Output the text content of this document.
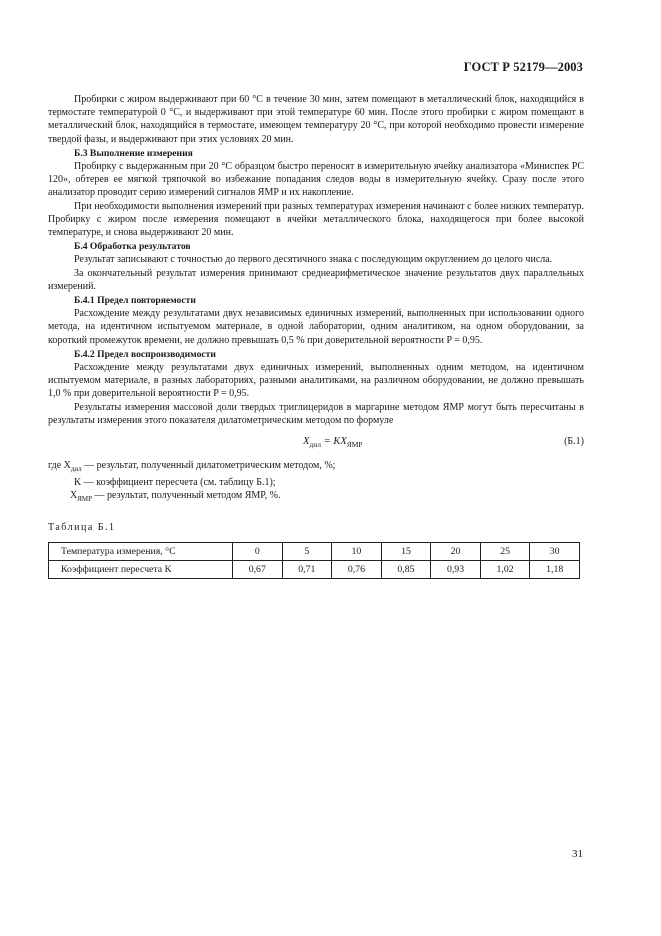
ГОСТ Р 52179—2003

Пробирки с жиром выдерживают при 60 °С в течение 30 мин, затем помещают в металлический блок, находящийся в термостате температурой 0 °С, и выдерживают при этой температуре 60 мин. После этого пробирки с жиром помещают в металлический блок, находящийся в термостате, имеющем температуру 20 °С, при которой необходимо провести измерение твердой фазы, и выдерживают при этих условиях 20 мин.

Б.3 Выполнение измерения

Пробирку с выдержанным при 20 °С образцом быстро переносят в измерительную ячейку анализатора «Миниспек PC 120», обтерев ее мягкой тряпочкой во избежание попадания следов воды в измерительную ячейку. Сразу после этого анализатор проводит серию измерений сигналов ЯМР и их накопление.

При необходимости выполнения измерений при разных температурах измерения начинают с более низких температур. Пробирку с жиром после измерения помещают в ячейки металлического блока, находящегося при более высокой температуре, и снова выдерживают 20 мин.

Б.4 Обработка результатов

Результат записывают с точностью до первого десятичного знака с последующим округлением до целого числа.

За окончательный результат измерения принимают среднеарифметическое значение результатов двух параллельных измерений.

Б.4.1 Предел повторяемости

Расхождение между результатами двух независимых единичных измерений, выполненных при использовании одного метода, на идентичном испытуемом материале, в одной лаборатории, одним аналитиком, на одном оборудовании, за короткий промежуток времени, не должно превышать 0,5 % при доверительной вероятности P = 0,95.

Б.4.2 Предел воспроизводимости

Расхождение между результатами двух единичных измерений, выполненных одним методом, на идентичном испытуемом материале, в разных лабораториях, разными аналитиками, на различном оборудовании, не должно превышать 1,0 % при доверительной вероятности P = 0,95.

Результаты измерения массовой доли твердых триглицеридов в маргарине методом ЯМР могут быть пересчитаны в результаты измерения этого показателя дилатометрическим методом по формуле

$X_{дил} = KX_{ЯМР}$	(Б.1)

где $X_{дил}$ — результат, полученный дилатометрическим методом, %;

K — коэффициент пересчета (см. таблицу Б.1);

$X_{ЯМР}$ — результат, полученный методом ЯМР, %.

Таблица Б.1
Температура измерения, °С	0	5	10	15	20	25	30
Коэффициент пересчета K	0,67	0,71	0,76	0,85	0,93	1,02	1,18
31
